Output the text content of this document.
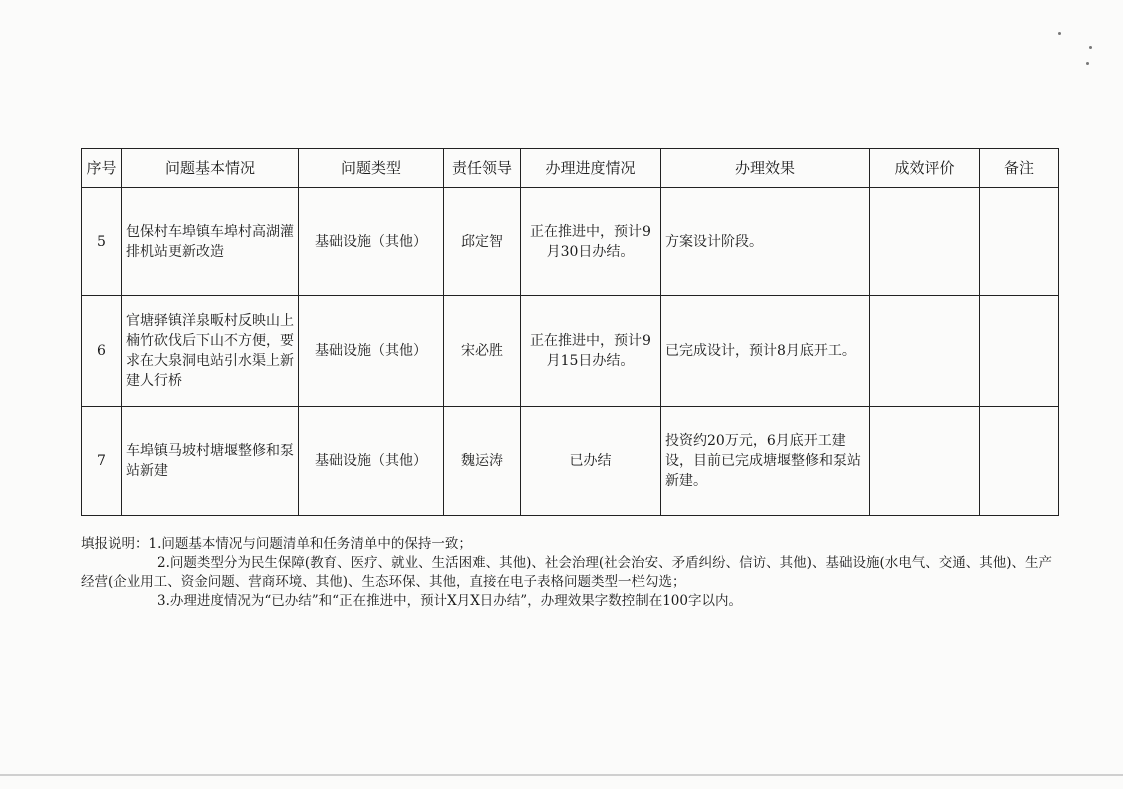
序号	问题基本情况	问题类型	责任领导	办理进度情况	办理效果	成效评价	备注
5	包保村车埠镇车埠村高湖灌排机站更新改造	基础设施（其他）	邱定智	正在推进中，预计9月30日办结。	方案设计阶段。		
6	官塘驿镇洋泉畈村反映山上楠竹砍伐后下山不方便，要求在大泉洞电站引水渠上新建人行桥	基础设施（其他）	宋必胜	正在推进中，预计9月15日办结。	已完成设计，预计8月底开工。		
7	车埠镇马坡村塘堰整修和泵站新建	基础设施（其他）	魏运涛	已办结	投资约20万元，6月底开工建设，目前已完成塘堰整修和泵站新建。		
填报说明：1.问题基本情况与问题清单和任务清单中的保持一致；
2.问题类型分为民生保障(教育、医疗、就业、生活困难、其他)、社会治理(社会治安、矛盾纠纷、信访、其他)、基础设施(水电气、交通、其他)、生产经营(企业用工、资金问题、营商环境、其他)、生态环保、其他，直接在电子表格问题类型一栏勾选；
3.办理进度情况为“已办结”和“正在推进中，预计X月X日办结”，办理效果字数控制在100字以内。
